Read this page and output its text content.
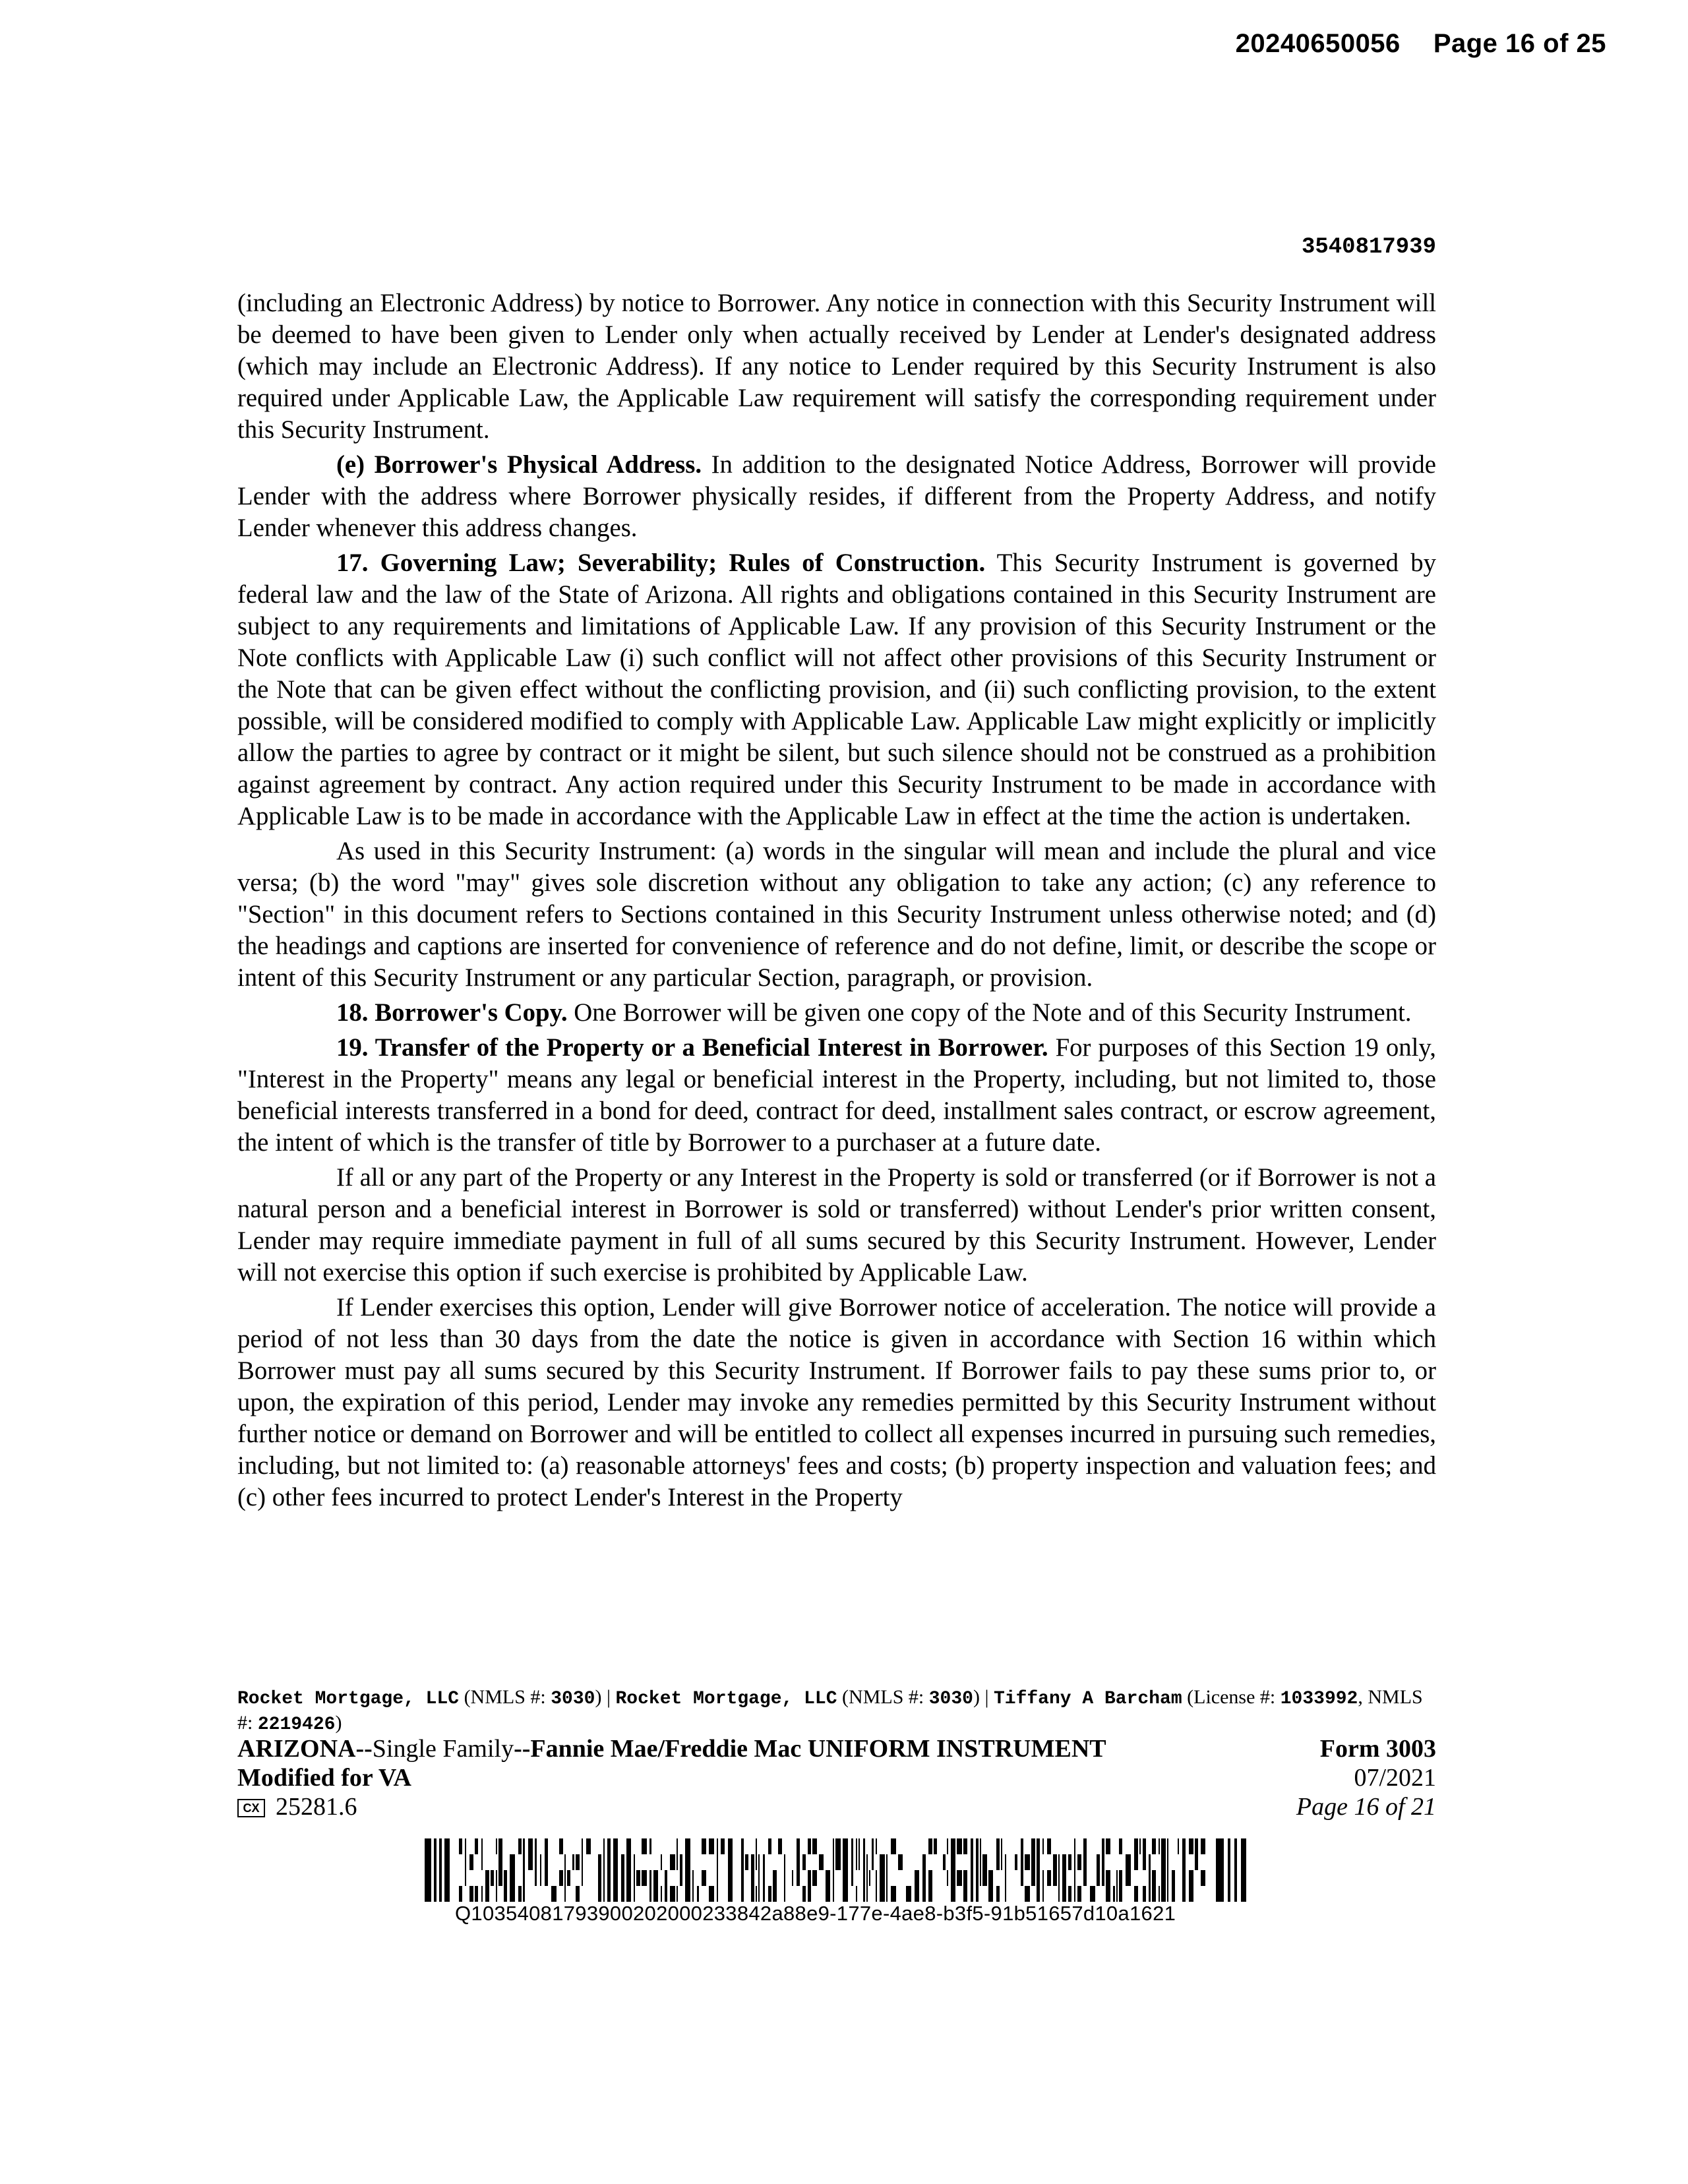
20240650056 Page 16 of 25
3540817939

(including an Electronic Address) by notice to Borrower. Any notice in connection with this Security Instrument will be deemed to have been given to Lender only when actually received by Lender at Lender's designated address (which may include an Electronic Address). If any notice to Lender required by this Security Instrument is also required under Applicable Law, the Applicable Law requirement will satisfy the corresponding requirement under this Security Instrument.

(e) Borrower's Physical Address. In addition to the designated Notice Address, Borrower will provide Lender with the address where Borrower physically resides, if different from the Property Address, and notify Lender whenever this address changes.

17. Governing Law; Severability; Rules of Construction. This Security Instrument is governed by federal law and the law of the State of Arizona. All rights and obligations contained in this Security Instrument are subject to any requirements and limitations of Applicable Law. If any provision of this Security Instrument or the Note conflicts with Applicable Law (i) such conflict will not affect other provisions of this Security Instrument or the Note that can be given effect without the conflicting provision, and (ii) such conflicting provision, to the extent possible, will be considered modified to comply with Applicable Law. Applicable Law might explicitly or implicitly allow the parties to agree by contract or it might be silent, but such silence should not be construed as a prohibition against agreement by contract. Any action required under this Security Instrument to be made in accordance with Applicable Law is to be made in accordance with the Applicable Law in effect at the time the action is undertaken.

As used in this Security Instrument: (a) words in the singular will mean and include the plural and vice versa; (b) the word "may" gives sole discretion without any obligation to take any action; (c) any reference to "Section" in this document refers to Sections contained in this Security Instrument unless otherwise noted; and (d) the headings and captions are inserted for convenience of reference and do not define, limit, or describe the scope or intent of this Security Instrument or any particular Section, paragraph, or provision.

18. Borrower's Copy. One Borrower will be given one copy of the Note and of this Security Instrument.

19. Transfer of the Property or a Beneficial Interest in Borrower. For purposes of this Section 19 only, "Interest in the Property" means any legal or beneficial interest in the Property, including, but not limited to, those beneficial interests transferred in a bond for deed, contract for deed, installment sales contract, or escrow agreement, the intent of which is the transfer of title by Borrower to a purchaser at a future date.

If all or any part of the Property or any Interest in the Property is sold or transferred (or if Borrower is not a natural person and a beneficial interest in Borrower is sold or transferred) without Lender's prior written consent, Lender may require immediate payment in full of all sums secured by this Security Instrument. However, Lender will not exercise this option if such exercise is prohibited by Applicable Law.

If Lender exercises this option, Lender will give Borrower notice of acceleration. The notice will provide a period of not less than 30 days from the date the notice is given in accordance with Section 16 within which Borrower must pay all sums secured by this Security Instrument. If Borrower fails to pay these sums prior to, or upon, the expiration of this period, Lender may invoke any remedies permitted by this Security Instrument without further notice or demand on Borrower and will be entitled to collect all expenses incurred in pursuing such remedies, including, but not limited to: (a) reasonable attorneys' fees and costs; (b) property inspection and valuation fees; and (c) other fees incurred to protect Lender's Interest in the Property

Rocket Mortgage, LLC (NMLS #: 3030) | Rocket Mortgage, LLC (NMLS #: 3030) | Tiffany A Barcham (License #: 1033992, NMLS #: 2219426)
ARIZONA--Single Family--Fannie Mae/Freddie Mac UNIFORM INSTRUMENT	Form 3003
Modified for VA	07/2021
CX 25281.6	Page 16 of 21
Q10354081793900202000233842a88e9-177e-4ae8-b3f5-91b51657d10a1621
